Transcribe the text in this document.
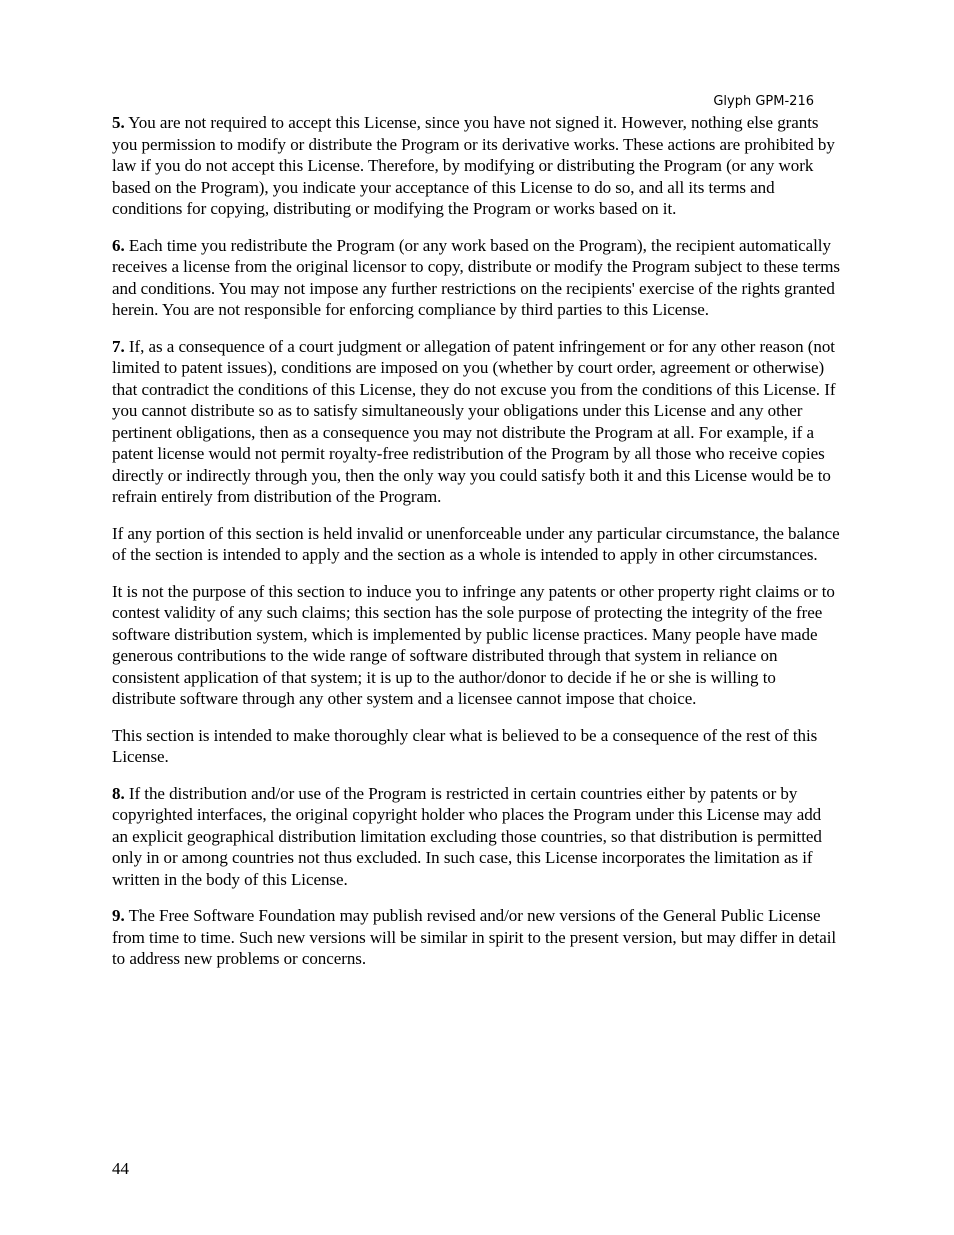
Glyph GPM-216

5. You are not required to accept this License, since you have not signed it. However, nothing else grants you permission to modify or distribute the Program or its derivative works. These actions are prohibited by law if you do not accept this License. Therefore, by modifying or distributing the Program (or any work based on the Program), you indicate your acceptance of this License to do so, and all its terms and conditions for copying, distributing or modifying the Program or works based on it.

6. Each time you redistribute the Program (or any work based on the Program), the recipient automatically receives a license from the original licensor to copy, distribute or modify the Program subject to these terms and conditions. You may not impose any further restrictions on the recipients' exercise of the rights granted herein. You are not responsible for enforcing compliance by third parties to this License.

7. If, as a consequence of a court judgment or allegation of patent infringement or for any other reason (not limited to patent issues), conditions are imposed on you (whether by court order, agreement or otherwise) that contradict the conditions of this License, they do not excuse you from the conditions of this License. If you cannot distribute so as to satisfy simultaneously your obligations under this License and any other pertinent obligations, then as a consequence you may not distribute the Program at all. For example, if a patent license would not permit royalty-free redistribution of the Program by all those who receive copies directly or indirectly through you, then the only way you could satisfy both it and this License would be to refrain entirely from distribution of the Program.

If any portion of this section is held invalid or unenforceable under any particular circumstance, the balance of the section is intended to apply and the section as a whole is intended to apply in other circumstances.

It is not the purpose of this section to induce you to infringe any patents or other property right claims or to contest validity of any such claims; this section has the sole purpose of protecting the integrity of the free software distribution system, which is implemented by public license practices. Many people have made generous contributions to the wide range of software distributed through that system in reliance on consistent application of that system; it is up to the author/donor to decide if he or she is willing to distribute software through any other system and a licensee cannot impose that choice.

This section is intended to make thoroughly clear what is believed to be a consequence of the rest of this License.

8. If the distribution and/or use of the Program is restricted in certain countries either by patents or by copyrighted interfaces, the original copyright holder who places the Program under this License may add an explicit geographical distribution limitation excluding those countries, so that distribution is permitted only in or among countries not thus excluded. In such case, this License incorporates the limitation as if written in the body of this License.

9. The Free Software Foundation may publish revised and/or new versions of the General Public License from time to time. Such new versions will be similar in spirit to the present version, but may differ in detail to address new problems or concerns.

44
